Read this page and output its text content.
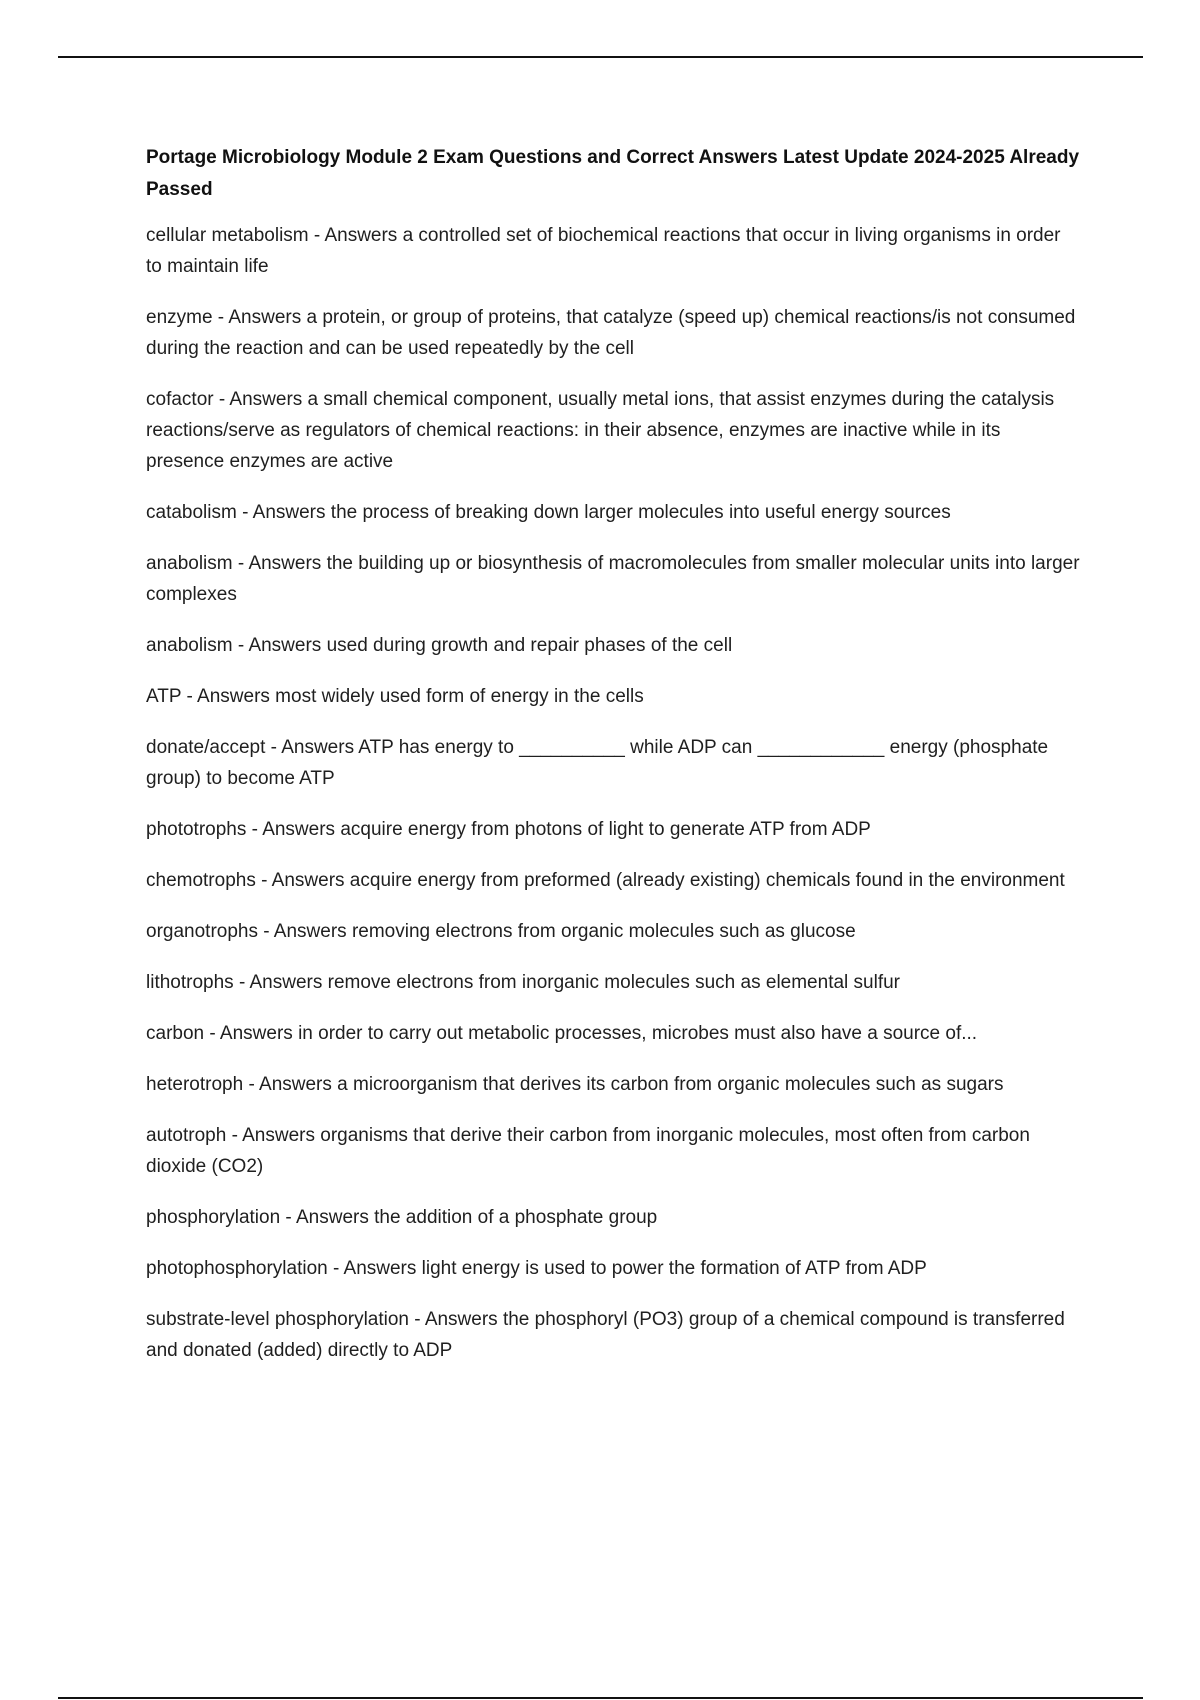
Portage Microbiology Module 2 Exam Questions and Correct Answers Latest Update 2024-2025 Already Passed

cellular metabolism - Answers a controlled set of biochemical reactions that occur in living organisms in order to maintain life

enzyme - Answers a protein, or group of proteins, that catalyze (speed up) chemical reactions/is not consumed during the reaction and can be used repeatedly by the cell

cofactor - Answers a small chemical component, usually metal ions, that assist enzymes during the catalysis reactions/serve as regulators of chemical reactions: in their absence, enzymes are inactive while in its presence enzymes are active

catabolism - Answers the process of breaking down larger molecules into useful energy sources

anabolism - Answers the building up or biosynthesis of macromolecules from smaller molecular units into larger complexes

anabolism - Answers used during growth and repair phases of the cell

ATP - Answers most widely used form of energy in the cells

donate/accept - Answers ATP has energy to __________ while ADP can ____________ energy (phosphate group) to become ATP

phototrophs - Answers acquire energy from photons of light to generate ATP from ADP

chemotrophs - Answers acquire energy from preformed (already existing) chemicals found in the environment

organotrophs - Answers removing electrons from organic molecules such as glucose

lithotrophs - Answers remove electrons from inorganic molecules such as elemental sulfur

carbon - Answers in order to carry out metabolic processes, microbes must also have a source of...

heterotroph - Answers a microorganism that derives its carbon from organic molecules such as sugars

autotroph - Answers organisms that derive their carbon from inorganic molecules, most often from carbon dioxide (CO2)

phosphorylation - Answers the addition of a phosphate group

photophosphorylation - Answers light energy is used to power the formation of ATP from ADP

substrate-level phosphorylation - Answers the phosphoryl (PO3) group of a chemical compound is transferred and donated (added) directly to ADP
